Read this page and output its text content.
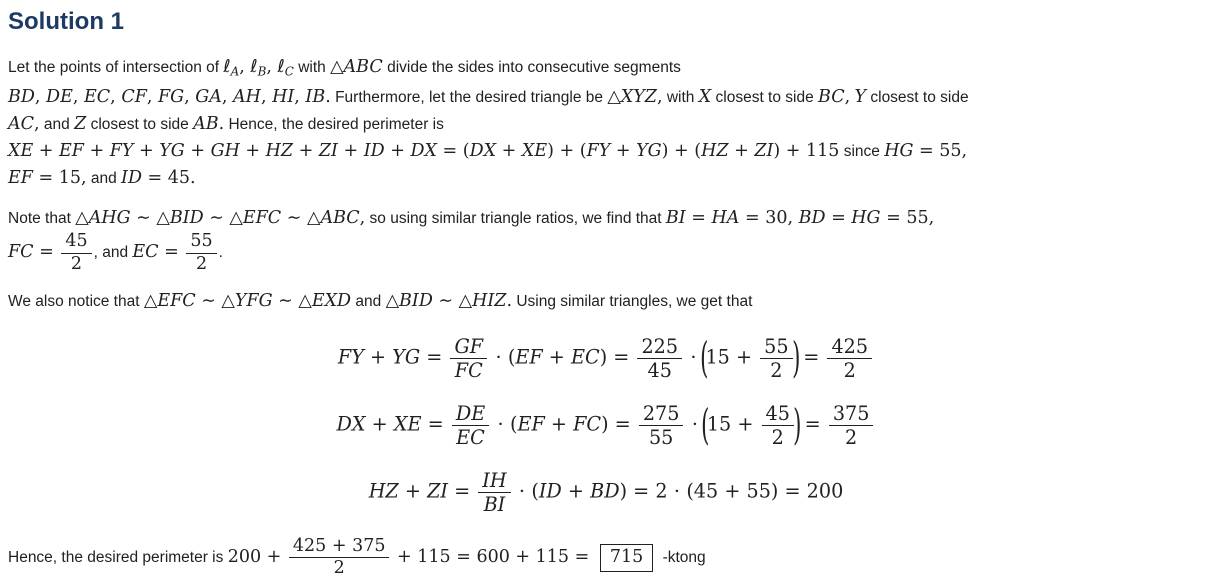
Solution 1
Let the points of intersection of ℓ$_A$, ℓ$_B$, ℓ$_C$ with △ABC divide the sides into consecutive segments
BD, DE, EC, CF, FG, GA, AH, HI, IB. Furthermore, let the desired triangle be △XYZ, with X closest to side BC, Y closest to side
AC, and Z closest to side AB. Hence, the desired perimeter is
XE + EF + FY + YG + GH + HZ + ZI + ID + DX = (DX + XE) + (FY + YG) + (HZ + ZI) + 115 since HG = 55,
EF = 15, and ID = 45.
Note that △AHG ∼ △BID ∼ △EFC ∼ △ABC, so using similar triangle ratios, we find that BI = HA = 30, BD = HG = 55,
FC = $\frac{45}{2}$ , and EC = $\frac{55}{2}$ .
We also notice that △EFC ∼ △YFG ∼ △EXD and △BID ∼ △HIZ. Using similar triangles, we get that
FY + YG = $\frac{GF}{FC} \cdot (EF + EC) = \frac{225}{45} \cdot (15 + \frac{55}{2}$ ) = $\frac{425}{2}$
DX + XE = $\frac{DE}{EC} \cdot (EF + FC) = \frac{275}{55} \cdot (15 + \frac{45}{2}$ ) = $\frac{375}{2}$
HZ + ZI = $\frac{IH}{BI} \cdot (ID + BD) = 2 \cdot (45 + 55) = 200$
Hence, the desired perimeter is $200 + \frac{425 + 375}{2} + 115 = 600 + 115 = 715$ -ktong
